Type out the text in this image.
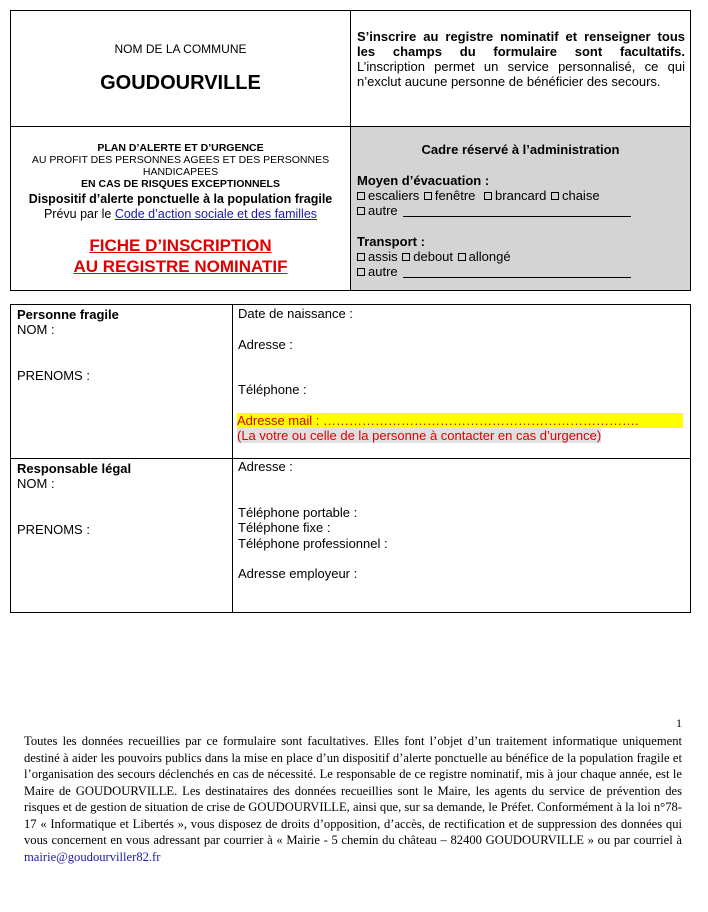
NOM DE LA COMMUNE
GOUDOURVILLE
S’inscrire au registre nominatif et renseigner tous les champs du formulaire sont facultatifs. L’inscription permet un service personnalisé, ce qui n’exclut aucune personne de bénéficier des secours.
PLAN D’ALERTE ET D’URGENCE
AU PROFIT DES PERSONNES AGEES ET DES PERSONNES HANDICAPEES
EN CAS DE RISQUES EXCEPTIONNELS
Dispositif d’alerte ponctuelle à la population fragile
Prévu par le Code d’action sociale et des familles
FICHE D’INSCRIPTION
AU REGISTRE NOMINATIF
Cadre réservé à l’administration
Moyen d’évacuation :
escaliers fenêtre brancard chaise
autre
Transport :
assis debout allongé
autre
Personne fragile
NOM :
PRENOMS :
Date de naissance :
Adresse :
Téléphone :
Adresse mail : ……………………………………………………………….
(La votre ou celle de la personne à contacter en cas d’urgence)
Responsable légal
NOM :
PRENOMS :
Adresse :
Téléphone portable :
Téléphone fixe :
Téléphone professionnel :
Adresse employeur :
1
Toutes les données recueillies par ce formulaire sont facultatives. Elles font l’objet d’un traitement informatique uniquement destiné à aider les pouvoirs publics dans la mise en place d’un dispositif d’alerte ponctuelle au bénéfice de la population fragile et l’organisation des secours déclenchés en cas de nécessité. Le responsable de ce registre nominatif, mis à jour chaque année, est le Maire de GOUDOURVILLE. Les destinataires des données recueillies sont le Maire, les agents du service de prévention des risques et de gestion de situation de crise de GOUDOURVILLE, ainsi que, sur sa demande, le Préfet. Conformément à la loi n°78-17 « Informatique et Libertés », vous disposez de droits d’opposition, d’accès, de rectification et de suppression des données qui vous concernent en vous adressant par courrier à « Mairie - 5 chemin du château – 82400 GOUDOURVILLE » ou par courriel à mairie@goudourviller82.fr
